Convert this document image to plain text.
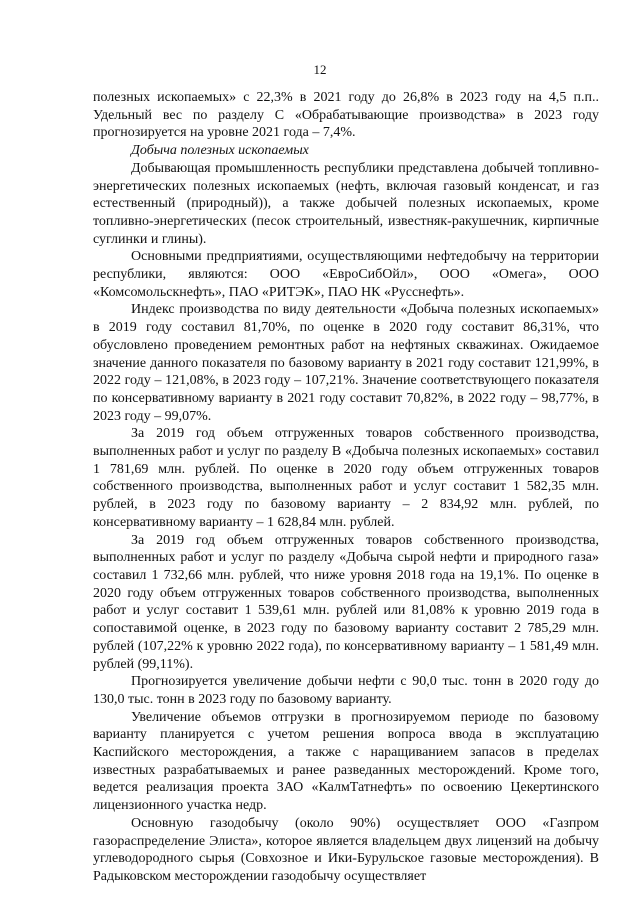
12

полезных ископаемых» с 22,3% в 2021 году до 26,8% в 2023 году на 4,5 п.п.. Удельный вес по разделу С «Обрабатывающие производства» в 2023 году прогнозируется на уровне 2021 года – 7,4%.

Добыча полезных ископаемых

Добывающая промышленность республики представлена добычей топливно-энергетических полезных ископаемых (нефть, включая газовый конденсат, и газ естественный (природный)), а также добычей полезных ископаемых, кроме топливно-энергетических (песок строительный, известняк-ракушечник, кирпичные суглинки и глины).

Основными предприятиями, осуществляющими нефтедобычу на территории республики, являются: ООО «ЕвроСибОйл», ООО «Омега», ООО «Комсомольскнефть», ПАО «РИТЭК», ПАО НК «Русснефть».

Индекс производства по виду деятельности «Добыча полезных ископаемых» в 2019 году составил 81,70%, по оценке в 2020 году составит 86,31%, что обусловлено проведением ремонтных работ на нефтяных скважинах. Ожидаемое значение данного показателя по базовому варианту в 2021 году составит 121,99%, в 2022 году – 121,08%, в 2023 году – 107,21%. Значение соответствующего показателя по консервативному варианту в 2021 году составит 70,82%, в 2022 году – 98,77%, в 2023 году – 99,07%.

За 2019 год объем отгруженных товаров собственного производства, выполненных работ и услуг по разделу В «Добыча полезных ископаемых» составил 1 781,69 млн. рублей. По оценке в 2020 году объем отгруженных товаров собственного производства, выполненных работ и услуг составит 1 582,35 млн. рублей, в 2023 году по базовому варианту – 2 834,92 млн. рублей, по консервативному варианту – 1 628,84 млн. рублей.

За 2019 год объем отгруженных товаров собственного производства, выполненных работ и услуг по разделу «Добыча сырой нефти и природного газа» составил 1 732,66 млн. рублей, что ниже уровня 2018 года на 19,1%. По оценке в 2020 году объем отгруженных товаров собственного производства, выполненных работ и услуг составит 1 539,61 млн. рублей или 81,08% к уровню 2019 года в сопоставимой оценке, в 2023 году по базовому варианту составит 2 785,29 млн. рублей (107,22% к уровню 2022 года), по консервативному варианту – 1 581,49 млн. рублей (99,11%).

Прогнозируется увеличение добычи нефти с 90,0 тыс. тонн в 2020 году до 130,0 тыс. тонн в 2023 году по базовому варианту.

Увеличение объемов отгрузки в прогнозируемом периоде по базовому варианту планируется с учетом решения вопроса ввода в эксплуатацию Каспийского месторождения, а также с наращиванием запасов в пределах известных разрабатываемых и ранее разведанных месторождений. Кроме того, ведется реализация проекта ЗАО «КалмТатнефть» по освоению Цекертинского лицензионного участка недр.

Основную газодобычу (около 90%) осуществляет ООО «Газпром газораспределение Элиста», которое является владельцем двух лицензий на добычу углеводородного сырья (Совхозное и Ики-Бурульское газовые месторождения). В Радыковском месторождении газодобычу осуществляет
